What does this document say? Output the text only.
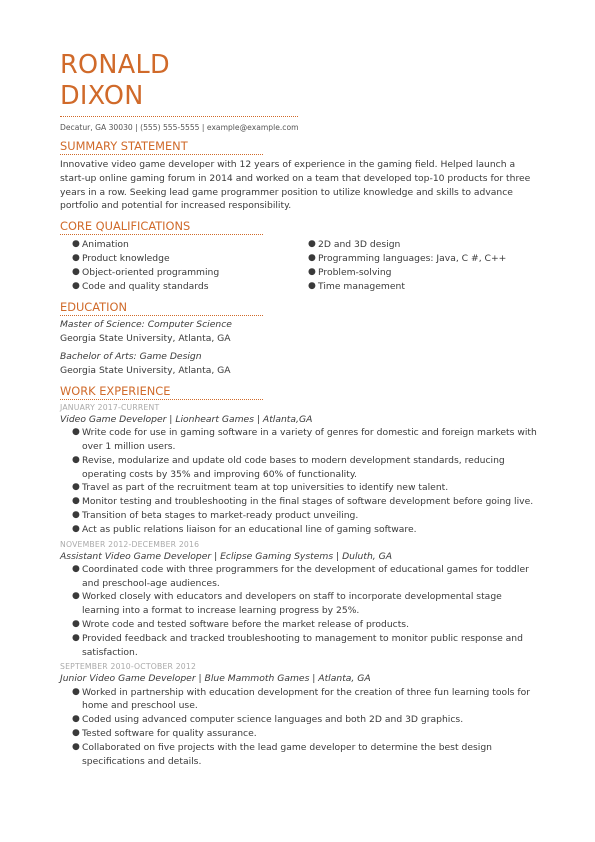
RONALD
DIXON
Decatur, GA 30030 | (555) 555-5555 | example@example.com
SUMMARY STATEMENT
Innovative video game developer with 12 years of experience in the gaming field. Helped launch a start-up online gaming forum in 2014 and worked on a team that developed top-10 products for three years in a row. Seeking lead game programmer position to utilize knowledge and skills to advance portfolio and potential for increased responsibility.
CORE QUALIFICATIONS
● Animation
● Product knowledge
● Object-oriented programming
● Code and quality standards
● 2D and 3D design
● Programming languages: Java, C #, C++
● Problem-solving
● Time management
EDUCATION
Master of Science: Computer Science
Georgia State University, Atlanta, GA
Bachelor of Arts: Game Design
Georgia State University, Atlanta, GA
WORK EXPERIENCE
JANUARY 2017-CURRENT
Video Game Developer | Lionheart Games | Atlanta,GA
● Write code for use in gaming software in a variety of genres for domestic and foreign markets with over 1 million users.
● Revise, modularize and update old code bases to modern development standards, reducing operating costs by 35% and improving 60% of functionality.
● Travel as part of the recruitment team at top universities to identify new talent.
● Monitor testing and troubleshooting in the final stages of software development before going live.
● Transition of beta stages to market-ready product unveiling.
● Act as public relations liaison for an educational line of gaming software.
NOVEMBER 2012-DECEMBER 2016
Assistant Video Game Developer | Eclipse Gaming Systems | Duluth, GA
● Coordinated code with three programmers for the development of educational games for toddler and preschool-age audiences.
● Worked closely with educators and developers on staff to incorporate developmental stage learning into a format to increase learning progress by 25%.
● Wrote code and tested software before the market release of products.
● Provided feedback and tracked troubleshooting to management to monitor public response and satisfaction.
SEPTEMBER 2010-OCTOBER 2012
Junior Video Game Developer | Blue Mammoth Games | Atlanta, GA
● Worked in partnership with education development for the creation of three fun learning tools for home and preschool use.
● Coded using advanced computer science languages and both 2D and 3D graphics.
● Tested software for quality assurance.
● Collaborated on five projects with the lead game developer to determine the best design specifications and details.
